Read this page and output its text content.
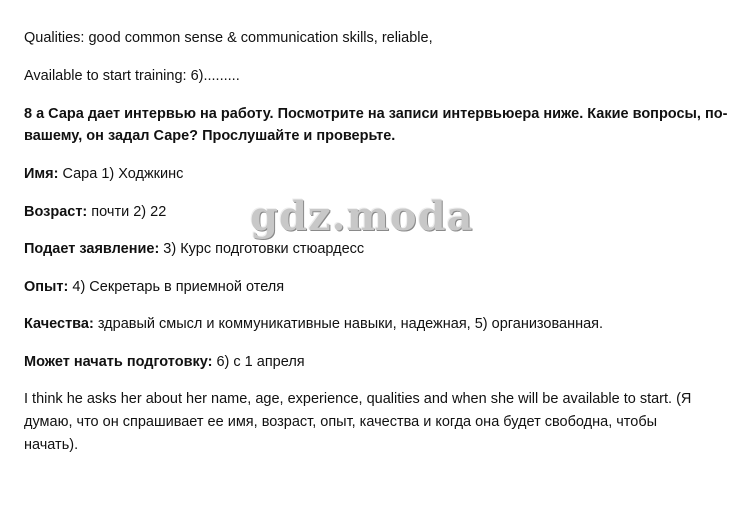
Qualities: good common sense & communication skills, reliable,
Available to start training: 6).........
8 а Сара дает интервью на работу. Посмотрите на записи интервьюера ниже. Какие вопросы, по-
вашему, он задал Саре? Прослушайте и проверьте.
Имя: Сара 1) Ходжкинс
Возраст: почти 2) 22
Подает заявление: 3) Курс подготовки стюардесс
Опыт: 4) Секретарь в приемной отеля
Качества: здравый смысл и коммуникативные навыки, надежная, 5) организованная.
Может начать подготовку: 6) с 1 апреля
I think he asks her about her name, age, experience, qualities and when she will be available to start. (Я
думаю, что он спрашивает ее имя, возраст, опыт, качества и когда она будет свободна, чтобы
начать).
gdz.moda
